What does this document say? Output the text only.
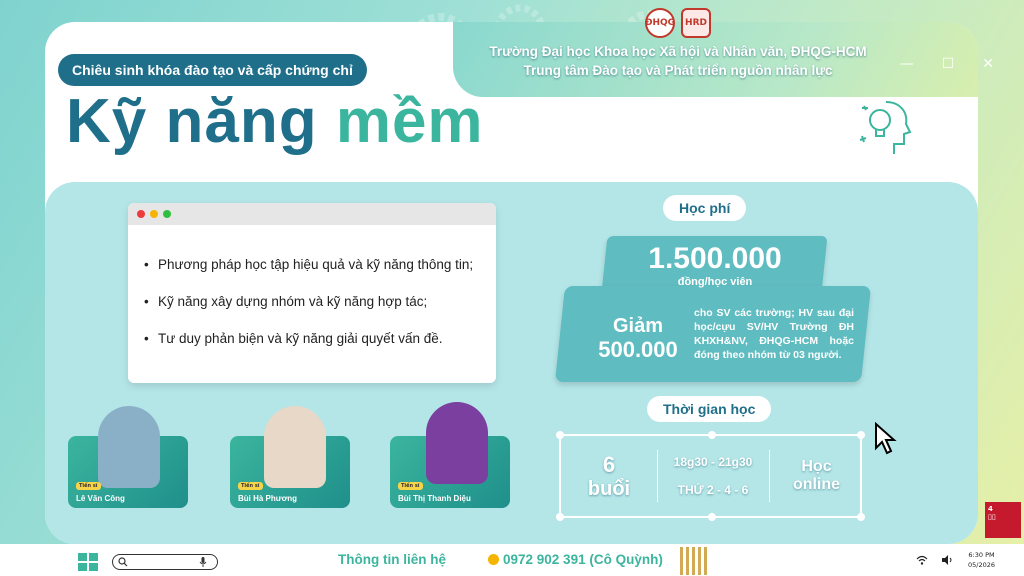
ĐHQG	HRD
Trường Đại học Khoa học Xã hội và Nhân văn, ĐHQG-HCM
Trung tâm Đào tạo và Phát triển nguồn nhân lực	— ☐ ✕
Chiêu sinh khóa đào tạo và cấp chứng chỉ
Kỹ năng mềm
• Phương pháp học tập hiệu quả và kỹ năng thông tin;
• Kỹ năng xây dựng nhóm và kỹ năng hợp tác;
• Tư duy phản biện và kỹ năng giải quyết vấn đề.
Học phí
1.500.000
đồng/học viên
Giảm
500.000
cho SV các trường; HV sau đại học/cựu SV/HV Trường ĐH KHXH&NV, ĐHQG-HCM hoặc đóng theo nhóm từ 03 người.
Thời gian học
6
buổi
18g30 - 21g30
THỨ 2 - 4 - 6
Học
online
Tiến sĩ
Lê Văn Công
Tiến sĩ
Bùi Hà Phương
Tiến sĩ
Bùi Thị Thanh Diệu
4
▯▯
Thông tin liên hệ	0972 902 391 (Cô Quỳnh)	6:30 PM
05/2026
